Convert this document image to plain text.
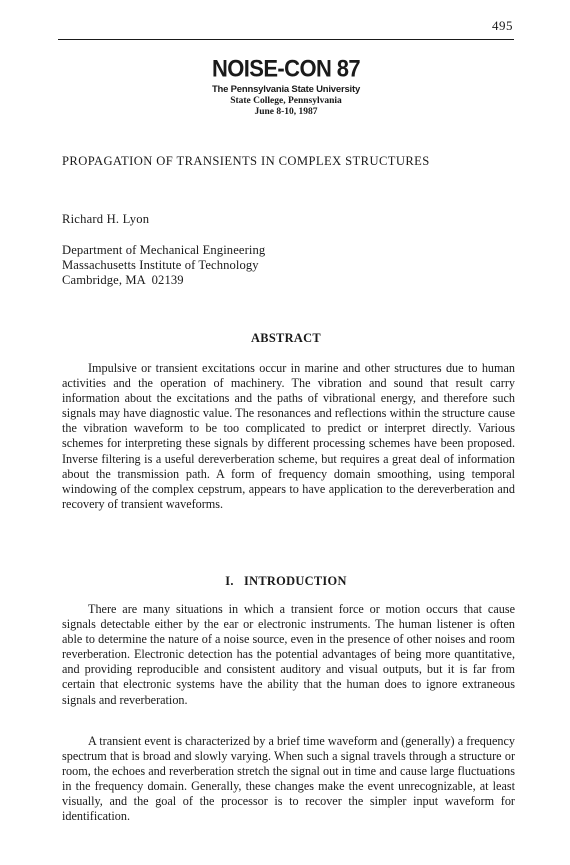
495
NOISE-CON 87
The Pennsylvania State University
State College, Pennsylvania
June 8-10, 1987
PROPAGATION OF TRANSIENTS IN COMPLEX STRUCTURES
Richard H. Lyon
Department of Mechanical Engineering
Massachusetts Institute of Technology
Cambridge, MA  02139
ABSTRACT

Impulsive or transient excitations occur in marine and other structures due to human activities and the operation of machinery. The vibration and sound that result carry information about the excitations and the paths of vibrational energy, and therefore such signals may have diagnostic value. The resonances and reflections within the structure cause the vibration waveform to be too complicated to predict or interpret directly. Various schemes for interpreting these signals by different processing schemes have been proposed. Inverse filtering is a useful dereverberation scheme, but requires a great deal of information about the transmission path. A form of frequency domain smoothing, using temporal windowing of the complex cepstrum, appears to have application to the dereverberation and recovery of transient waveforms.

I.   INTRODUCTION

There are many situations in which a transient force or motion occurs that cause signals detectable either by the ear or electronic instruments. The human listener is often able to determine the nature of a noise source, even in the presence of other noises and room reverberation. Electronic detection has the potential advantages of being more quantitative, and providing reproducible and consistent auditory and visual outputs, but it is far from certain that electronic systems have the ability that the human does to ignore extraneous signals and reverberation.

A transient event is characterized by a brief time waveform and (generally) a frequency spectrum that is broad and slowly varying. When such a signal travels through a structure or room, the echoes and reverberation stretch the signal out in time and cause large fluctuations in the frequency domain. Generally, these changes make the event unrecognizable, at least visually, and the goal of the processor is to recover the simpler input waveform for identification.
